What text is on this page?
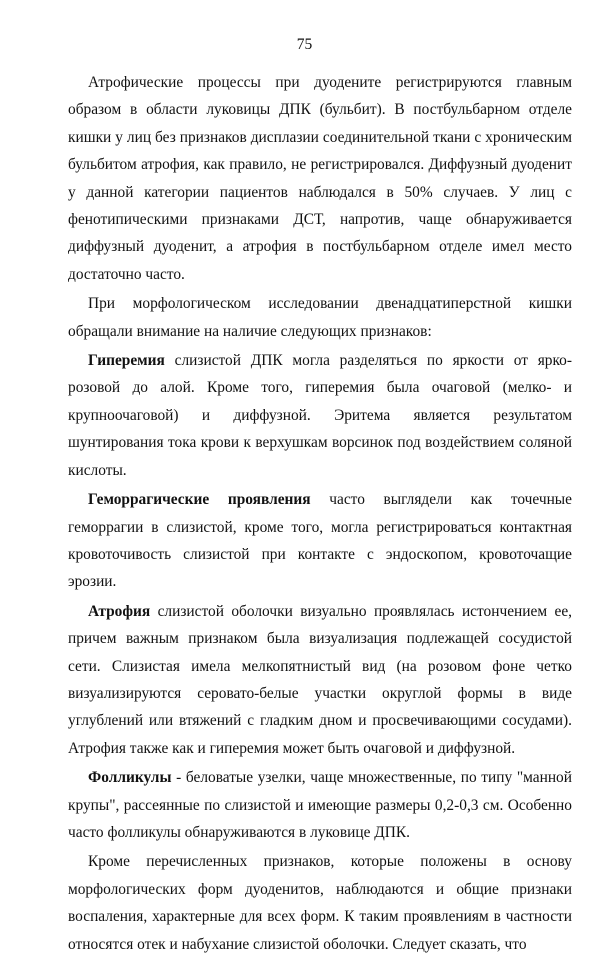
75

Атрофические процессы при дуодените регистрируются главным образом в области луковицы ДПК (бульбит). В постбульбарном отделе кишки у лиц без признаков дисплазии соединительной ткани с хроническим бульбитом атрофия, как правило, не регистрировался. Диффузный дуоденит у данной категории пациентов наблюдался в 50% случаев. У лиц с фенотипическими признаками ДСТ, напротив, чаще обнаруживается диффузный дуоденит, а атрофия в постбульбарном отделе имел место достаточно часто.

При морфологическом исследовании двенадцатиперстной кишки обращали внимание на наличие следующих признаков:

Гиперемия слизистой ДПК могла разделяться по яркости от ярко-розовой до алой. Кроме того, гиперемия была очаговой (мелко- и крупноочаговой) и диффузной. Эритема является результатом шунтирования тока крови к верхушкам ворсинок под воздействием соляной кислоты.

Геморрагические проявления часто выглядели как точечные геморрагии в слизистой, кроме того, могла регистрироваться контактная кровоточивость слизистой при контакте с эндоскопом, кровоточащие эрозии.

Атрофия слизистой оболочки визуально проявлялась истончением ее, причем важным признаком была визуализация подлежащей сосудистой сети. Слизистая имела мелкопятнистый вид (на розовом фоне четко визуализируются серовато-белые участки округлой формы в виде углублений или втяжений с гладким дном и просвечивающими сосудами). Атрофия также как и гиперемия может быть очаговой и диффузной.

Фолликулы - беловатые узелки, чаще множественные, по типу "манной крупы", рассеянные по слизистой и имеющие размеры 0,2-0,3 см. Особенно часто фолликулы обнаруживаются в луковице ДПК.

Кроме перечисленных признаков, которые положены в основу морфологических форм дуоденитов, наблюдаются и общие признаки воспаления, характерные для всех форм. К таким проявлениям в частности относятся отек и набухание слизистой оболочки. Следует сказать, что
